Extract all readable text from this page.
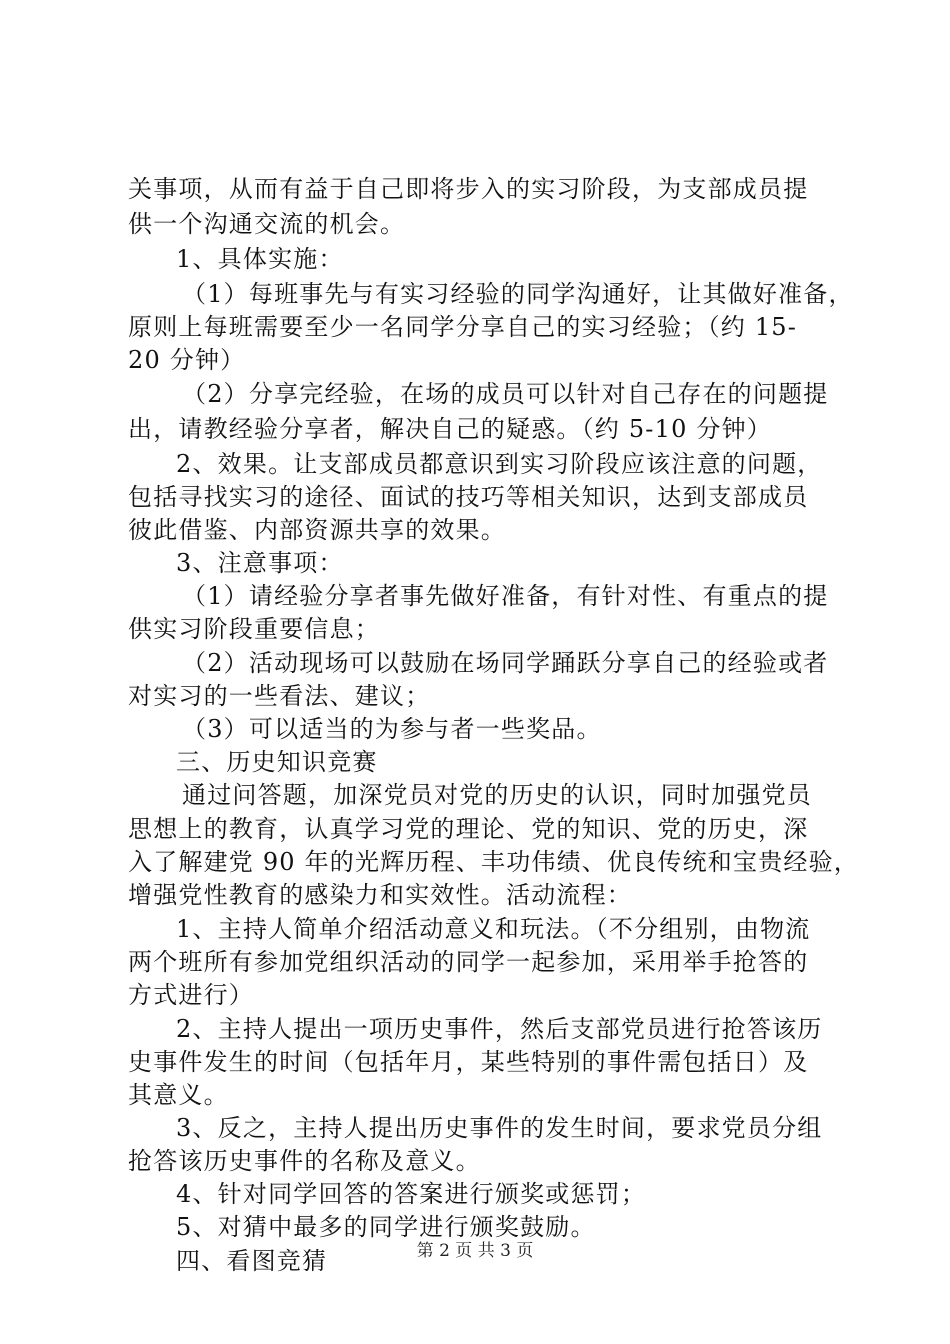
关事项，从而有益于自己即将步入的实习阶段，为支部成员提
供一个沟通交流的机会。
1、具体实施：
（1）每班事先与有实习经验的同学沟通好，让其做好准备，
原则上每班需要至少一名同学分享自己的实习经验；（约 15-
20 分钟）
（2）分享完经验，在场的成员可以针对自己存在的问题提
出，请教经验分享者，解决自己的疑惑。（约 5-10 分钟）
2、效果。让支部成员都意识到实习阶段应该注意的问题，
包括寻找实习的途径、面试的技巧等相关知识，达到支部成员
彼此借鉴、内部资源共享的效果。
3、注意事项：
（1）请经验分享者事先做好准备，有针对性、有重点的提
供实习阶段重要信息；
（2）活动现场可以鼓励在场同学踊跃分享自己的经验或者
对实习的一些看法、建议；
（3）可以适当的为参与者一些奖品。
三、历史知识竞赛
通过问答题，加深党员对党的历史的认识，同时加强党员
思想上的教育，认真学习党的理论、党的知识、党的历史，深
入了解建党 90 年的光辉历程、丰功伟绩、优良传统和宝贵经验，
增强党性教育的感染力和实效性。活动流程：
1、主持人简单介绍活动意义和玩法。（不分组别，由物流
两个班所有参加党组织活动的同学一起参加，采用举手抢答的
方式进行）
2、主持人提出一项历史事件，然后支部党员进行抢答该历
史事件发生的时间（包括年月，某些特别的事件需包括日）及
其意义。
3、反之，主持人提出历史事件的发生时间，要求党员分组
抢答该历史事件的名称及意义。
4、针对同学回答的答案进行颁奖或惩罚；
5、对猜中最多的同学进行颁奖鼓励。
四、看图竞猜	第 2 页 共 3 页
